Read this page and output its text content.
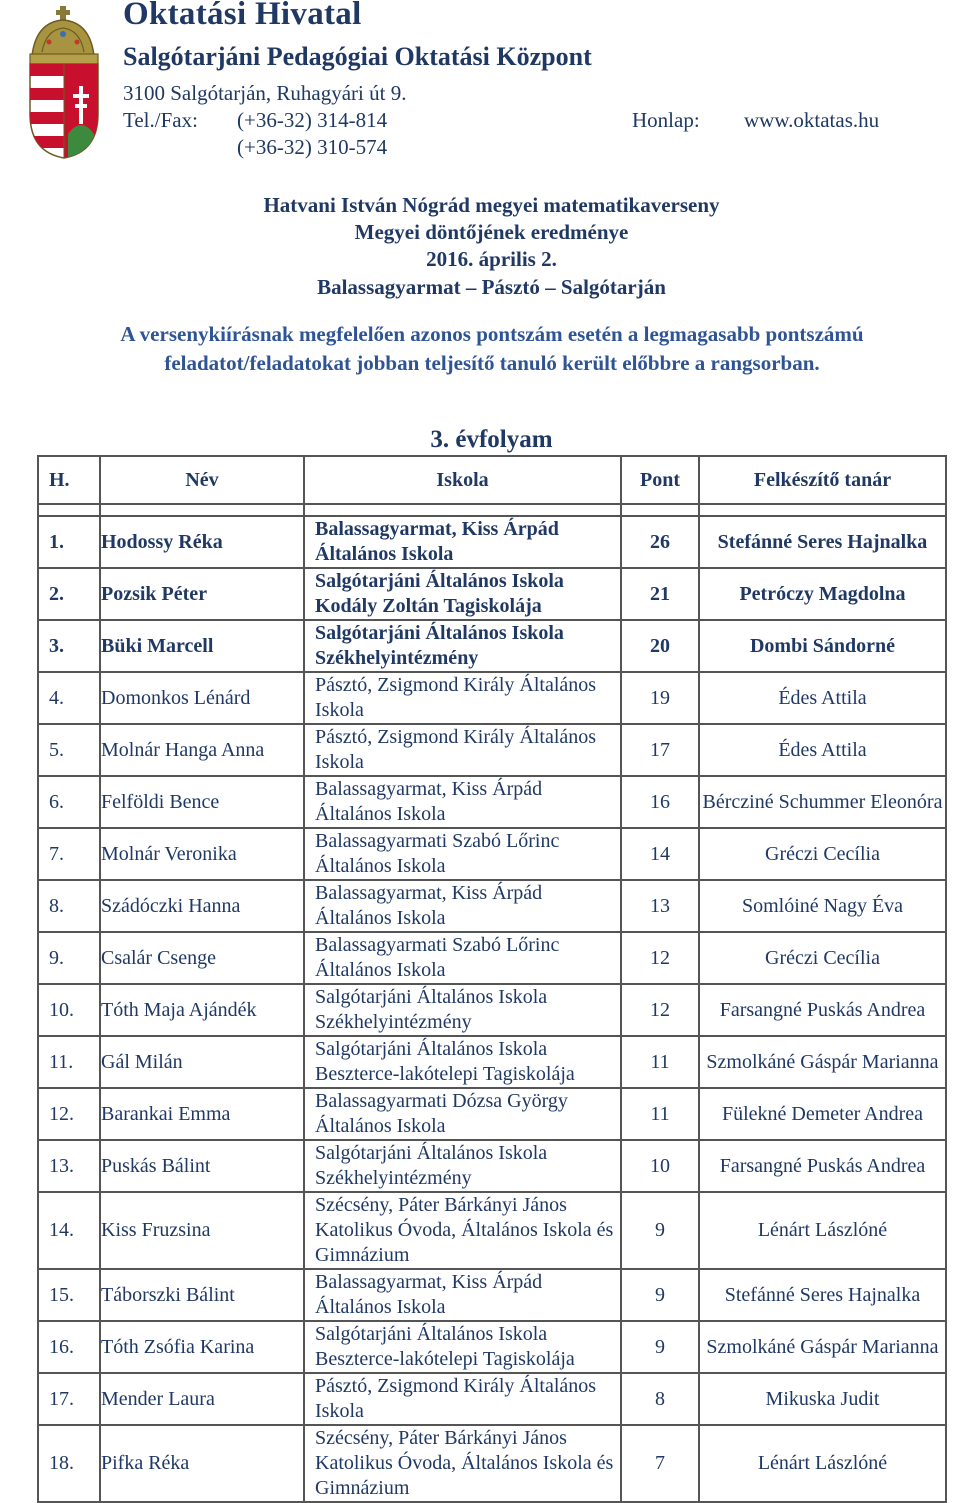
Oktatási Hivatal
Salgótarjáni Pedagógiai Oktatási Központ
3100 Salgótarján, Ruhagyári út 9.
Tel./Fax: (+36-32) 314-814
(+36-32) 310-574
Honlap: www.oktatas.hu
Hatvani István Nógrád megyei matematikaverseny
Megyei döntőjének eredménye
2016. április 2.
Balassagyarmat – Pásztó – Salgótarján
A versenykiírásnak megfelelően azonos pontszám esetén a legmagasabb pontszámú feladatot/feladatokat jobban teljesítő tanuló került előbbre a rangsorban.
3. évfolyam
H.	Név	Iskola	Pont	Felkészítő tanár

1.	Hodossy Réka	Balassagyarmat, Kiss Árpád Általános Iskola	26	Stefánné Seres Hajnalka
2.	Pozsik Péter	Salgótarjáni Általános Iskola Kodály Zoltán Tagiskolája	21	Petróczy Magdolna
3.	Büki Marcell	Salgótarjáni Általános Iskola Székhelyintézmény	20	Dombi Sándorné
4.	Domonkos Lénárd	Pásztó, Zsigmond Király Általános Iskola	19	Édes Attila
5.	Molnár Hanga Anna	Pásztó, Zsigmond Király Általános Iskola	17	Édes Attila
6.	Felföldi Bence	Balassagyarmat, Kiss Árpád Általános Iskola	16	Bércziné Schummer Eleonóra
7.	Molnár Veronika	Balassagyarmati Szabó Lőrinc Általános Iskola	14	Gréczi Cecília
8.	Szádóczki Hanna	Balassagyarmat, Kiss Árpád Általános Iskola	13	Somlóiné Nagy Éva
9.	Csalár Csenge	Balassagyarmati Szabó Lőrinc Általános Iskola	12	Gréczi Cecília
10.	Tóth Maja Ajándék	Salgótarjáni Általános Iskola Székhelyintézmény	12	Farsangné Puskás Andrea
11.	Gál Milán	Salgótarjáni Általános Iskola Beszterce-lakótelepi Tagiskolája	11	Szmolkáné Gáspár Marianna
12.	Barankai Emma	Balassagyarmati Dózsa György Általános Iskola	11	Fülekné Demeter Andrea
13.	Puskás Bálint	Salgótarjáni Általános Iskola Székhelyintézmény	10	Farsangné Puskás Andrea
14.	Kiss Fruzsina	Szécsény, Páter Bárkányi János Katolikus Óvoda, Általános Iskola és Gimnázium	9	Lénárt Lászlóné
15.	Táborszki Bálint	Balassagyarmat, Kiss Árpád Általános Iskola	9	Stefánné Seres Hajnalka
16.	Tóth Zsófia Karina	Salgótarjáni Általános Iskola Beszterce-lakótelepi Tagiskolája	9	Szmolkáné Gáspár Marianna
17.	Mender Laura	Pásztó, Zsigmond Király Általános Iskola	8	Mikuska Judit
18.	Pifka Réka	Szécsény, Páter Bárkányi János Katolikus Óvoda, Általános Iskola és Gimnázium	7	Lénárt Lászlóné
